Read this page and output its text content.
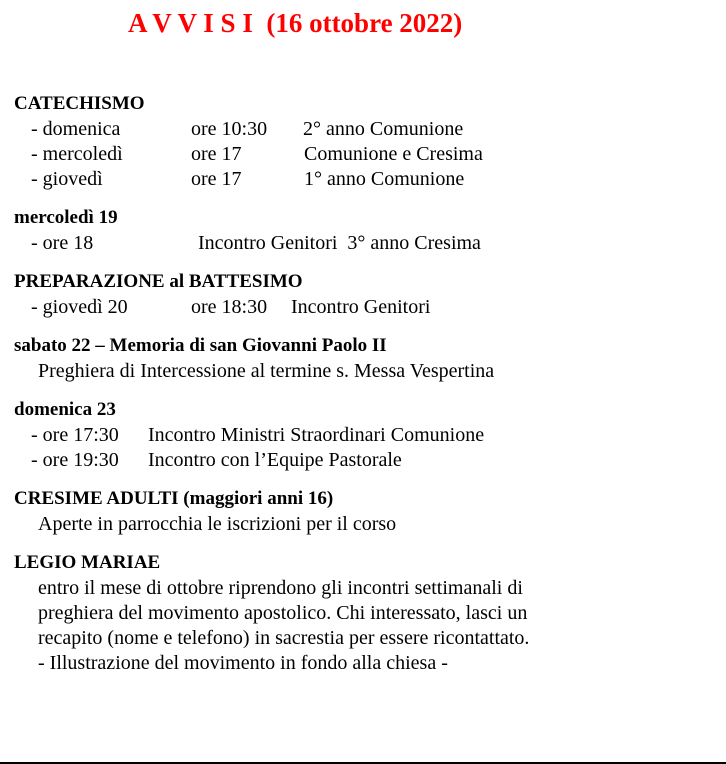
A V V I S I  (16 ottobre 2022)
CATECHISMO
- domenica	ore 10:30	2° anno Comunione
- mercoledì	ore 17	Comunione e Cresima
- giovedì	ore 17	1° anno Comunione
mercoledì 19
- ore 18	Incontro Genitori  3° anno Cresima
PREPARAZIONE al BATTESIMO
- giovedì 20	ore 18:30	Incontro Genitori
sabato 22 – Memoria di san Giovanni Paolo II
Preghiera di Intercessione al termine s. Messa Vespertina
domenica 23
- ore 17:30	Incontro Ministri Straordinari Comunione
- ore 19:30	Incontro con l’Equipe Pastorale
CRESIME ADULTI (maggiori anni 16)
Aperte in parrocchia le iscrizioni per il corso
LEGIO MARIAE
entro il mese di ottobre riprendono gli incontri settimanali di
preghiera del movimento apostolico. Chi interessato, lasci un
recapito (nome e telefono) in sacrestia per essere ricontattato.
- Illustrazione del movimento in fondo alla chiesa -
